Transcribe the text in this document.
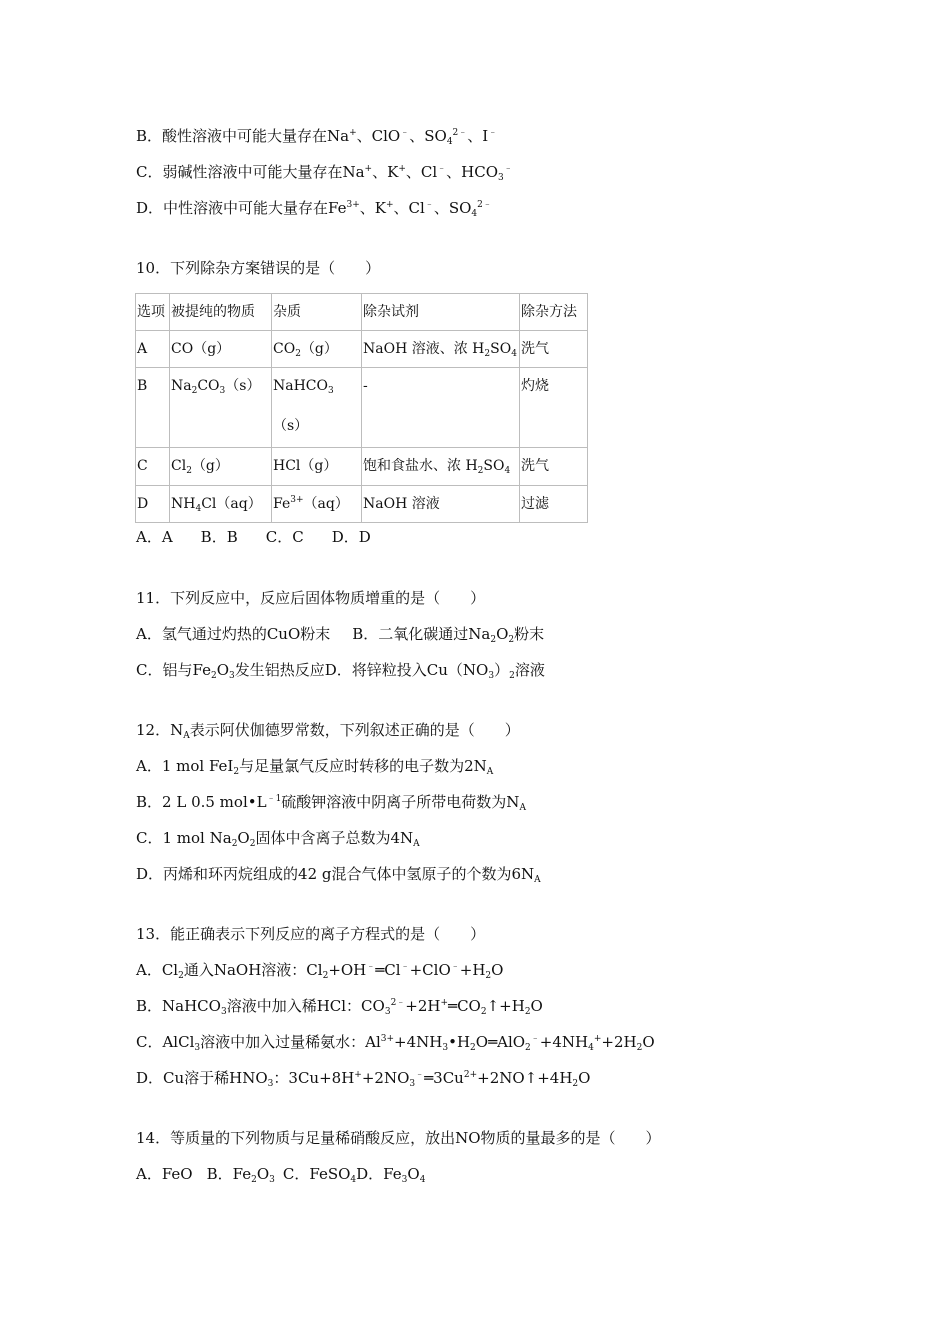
B．酸性溶液中可能大量存在Na+、ClO﹣、$SO_4^{2﹣}$、I﹣
C．弱碱性溶液中可能大量存在Na+、K+、Cl﹣、$HCO_3^﹣$
D．中性溶液中可能大量存在$Fe^{3+}$、K+、Cl﹣、$SO_4^{2﹣}$
10．下列除杂方案错误的是（　　）
选项	被提纯的物质	杂质	除杂试剂	除杂方法

A	CO（g）	$CO_2(g)$	NaOH 溶液、浓 $H_2SO_4$	洗气

B	$Na_2CO_3(s)$	NaHCO$_3$（s）	-	灼烧

C	$Cl_2(g)$	HCl（g）	饱和食盐水、浓 $H_2SO_4$	洗气

D	$NH_4Cl(aq)$	$Fe^{3+}(aq)$	NaOH 溶液	过滤
A．A B．B C．C D．D
11．下列反应中，反应后固体物质增重的是（　　）
A．氢气通过灼热的CuO粉末 B．二氧化碳通过$Na_2O_2$粉末
C．铝与$Fe_2O_3$发生铝热反应D．将锌粒投入$Cu(NO_3)_2$溶液
12．$N_A$表示阿伏伽德罗常数，下列叙述正确的是（　　）
A．1 mol FeI$_2$与足量氯气反应时转移的电子数为$2N_A$
B．2 L 0.5 $mol•L^{﹣1}$硫酸钾溶液中阴离子所带电荷数为$N_A$
C．1 mol $Na_2O_2$固体中含离子总数为$4N_A$
D．丙烯和环丙烷组成的42 g混合气体中氢原子的个数为$6N_A$
13．能正确表示下列反应的离子方程式的是（　　）
A．$Cl_2$通入NaOH溶液：$Cl_2+OH^﹣═Cl^﹣+ClO^﹣+H_2O$
B．NaHCO$_3$溶液中加入稀HCl：$CO_3^{2﹣}+2H^+═CO_2↑+H_2O$
C．AlCl$_3$溶液中加入过量稀氨水：$Al^{3+}+4NH_3•H_2O═AlO_2^﹣+4NH_4^++2H_2O$
D．Cu溶于稀$HNO_3$：$3Cu+8H^++2NO_3^﹣═3Cu^{2+}+2NO↑+4H_2O$
14．等质量的下列物质与足量稀硝酸反应，放出NO物质的量最多的是（　　）
A．FeO B．$Fe_2O_3$ C．FeSO$_4$D．$Fe_3O_4$
